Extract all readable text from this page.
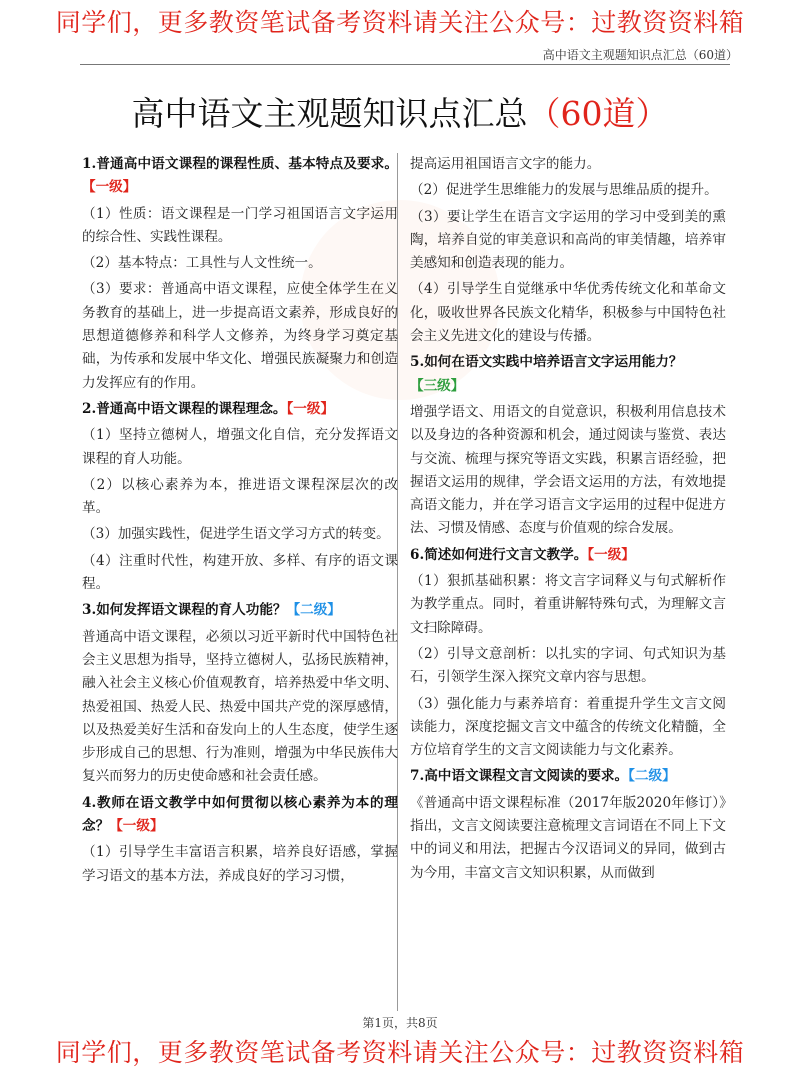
同学们，更多教资笔试备考资料请关注公众号：过教资资料箱
高中语文主观题知识点汇总（60道）
高中语文主观题知识点汇总（60道）

1.普通高中语文课程的课程性质、基本特点及要求。【一级】

（1）性质：语文课程是一门学习祖国语言文字运用的综合性、实践性课程。

（2）基本特点：工具性与人文性统一。

（3）要求：普通高中语文课程，应使全体学生在义务教育的基础上，进一步提高语文素养，形成良好的思想道德修养和科学人文修养，为终身学习奠定基础，为传承和发展中华文化、增强民族凝聚力和创造力发挥应有的作用。

2.普通高中语文课程的课程理念。【一级】

（1）坚持立德树人，增强文化自信，充分发挥语文课程的育人功能。

（2）以核心素养为本，推进语文课程深层次的改革。

（3）加强实践性，促进学生语文学习方式的转变。

（4）注重时代性，构建开放、多样、有序的语文课程。

3.如何发挥语文课程的育人功能？【二级】

普通高中语文课程，必须以习近平新时代中国特色社会主义思想为指导，坚持立德树人，弘扬民族精神，融入社会主义核心价值观教育，培养热爱中华文明、热爱祖国、热爱人民、热爱中国共产党的深厚感情，以及热爱美好生活和奋发向上的人生态度，使学生逐步形成自己的思想、行为准则，增强为中华民族伟大复兴而努力的历史使命感和社会责任感。

4.教师在语文教学中如何贯彻以核心素养为本的理念？【一级】

（1）引导学生丰富语言积累，培养良好语感，掌握学习语文的基本方法，养成良好的学习习惯，

提高运用祖国语言文字的能力。

（2）促进学生思维能力的发展与思维品质的提升。

（3）要让学生在语言文字运用的学习中受到美的熏陶，培养自觉的审美意识和高尚的审美情趣，培养审美感知和创造表现的能力。

（4）引导学生自觉继承中华优秀传统文化和革命文化，吸收世界各民族文化精华，积极参与中国特色社会主义先进文化的建设与传播。

5.如何在语文实践中培养语言文字运用能力？
【三级】

增强学语文、用语文的自觉意识，积极利用信息技术以及身边的各种资源和机会，通过阅读与鉴赏、表达与交流、梳理与探究等语文实践，积累言语经验，把握语文运用的规律，学会语文运用的方法，有效地提高语文能力，并在学习语言文字运用的过程中促进方法、习惯及情感、态度与价值观的综合发展。

6.简述如何进行文言文教学。【一级】

（1）狠抓基础积累：将文言字词释义与句式解析作为教学重点。同时，着重讲解特殊句式，为理解文言文扫除障碍。

（2）引导文意剖析：以扎实的字词、句式知识为基石，引领学生深入探究文章内容与思想。

（3）强化能力与素养培育：着重提升学生文言文阅读能力，深度挖掘文言文中蕴含的传统文化精髓，全方位培育学生的文言文阅读能力与文化素养。

7.高中语文课程文言文阅读的要求。【二级】

《普通高中语文课程标准（2017年版2020年修订）》指出，文言文阅读要注意梳理文言词语在不同上下文中的词义和用法，把握古今汉语词义的异同，做到古为今用，丰富文言文知识积累，从而做到

第1页，共8页
同学们，更多教资笔试备考资料请关注公众号：过教资资料箱
